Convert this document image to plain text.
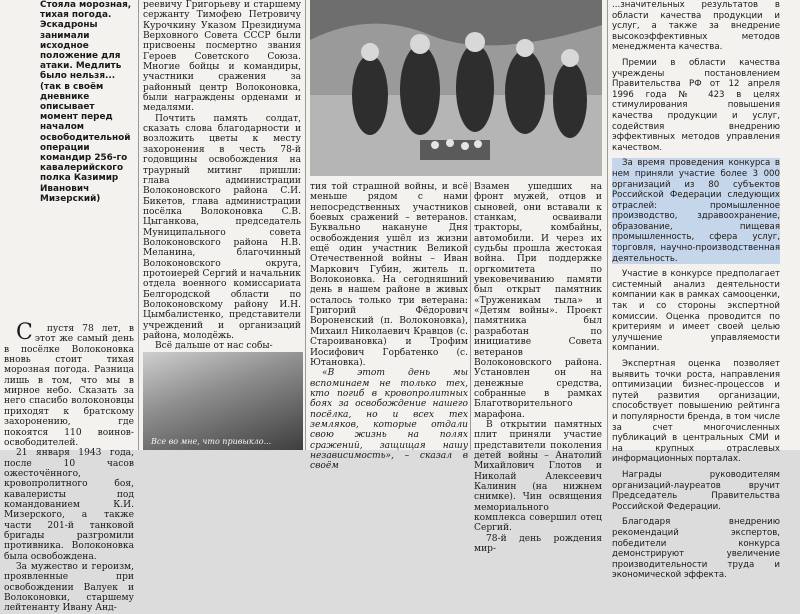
Стояла морозная, тихая погода. Эскадроны занимали исходное положение для атаки. Медлить было нельзя... (так в своём дневнике описывает момент перед началом освободительной операции командир 256-го кавалерийского полка Казимир Иванович Мизерский)

Спустя 78 лет, в этот же самый день в посёлке Волоконовка вновь стоит тихая морозная погода. Разница лишь в том, что мы в мирное небо. Сказать за него спасибо волоконовцы приходят к братскому захоронению, где покоятся 110 воинов-освободителей.

21 января 1943 года, после 10 часов ожесточённого, кровопролитного боя, кавалеристы под командованием К.И. Мизерского, а также части 201-й танковой бригады разгромили противника. Волоконовка была освобождена.

За мужество и героизм, проявленные при освобождении Валуек и Волоконовки, старшему лейтенанту Ивану Анд-

реевичу Григорьеву и старшему сержанту Тимофею Петровичу Курочкину Указом Президиума Верховного Совета СССР были присвоены посмертно звания Героев Советского Союза. Многие бойцы и командиры, участники сражения за районный центр Волоконовка, были награждены орденами и медалями.

Почтить память солдат, сказать слова благодарности и возложить цветы к месту захоронения в честь 78-й годовщины освобождения на траурный митинг пришли: глава администрации Волоконовского района С.И. Бикетов, глава администрации посёлка Волоконовка С.В. Цыганкова, председатель Муниципального совета Волоконовского района Н.В. Меланина, благочинный Волоконовского округа, протоиерей Сергий и начальник отдела военного комиссариата Белгородской области по Волоконовскому району И.Н. Цымбалистенко, представители учреждений и организаций района, молодёжь.

Всё дальше от нас собы-

Все во мне, что привыкло...

тия той страшной войны, и всё меньше рядом с нами непосредственных участников боевых сражений – ветеранов. Буквально накануне Дня освобождения ушёл из жизни ещё один участник Великой Отечественной войны – Иван Маркович Губин, житель п. Волоконовка. На сегодняшний день в нашем районе в живых осталось только три ветерана: Григорий Фёдорович Вороненский (п. Волоконовка), Михаил Николаевич Кравцов (с. Староивановка) и Трофим Иосифович Горбатенко (с. Ютановка).

«В этот день мы вспоминаем не только тех, кто погиб в кровопролитных боях за освобождение нашего посёлка, но и всех тех земляков, которые отдали свою жизнь на полях сражений, защищая нашу независимость», – сказал в своём

Взамен ушедших на фронт мужей, отцов и сыновей, они вставали к станкам, осваивали тракторы, комбайны, автомобили. И через их судьбы прошла жестокая война. При поддержке оргкомитета по увековечиванию памяти был открыт памятник «Труженикам тыла» и «Детям войны». Проект памятника был разработан по инициативе Совета ветеранов Волоконовского района. Установлен он на денежные средства, собранные в рамках Благотворительного марафона.

В открытии памятных плит приняли участие представители поколения детей войны – Анатолий Михайлович Глотов и Николай Алексеевич Калинин (на нижнем снимке). Чин освящения мемориального комплекса совершил отец Сергий.

78-й день рождения мир-

...значительных результатов в области качества продукции и услуг, а также за внедрение высокоэффективных методов менеджмента качества.

Премии в области качества учреждены постановлением Правительства РФ от 12 апреля 1996 года № 423 в целях стимулирования повышения качества продукции и услуг, содействия внедрению эффективных методов управления качеством.

За время проведения конкурса в нем приняли участие более 3 000 организаций из 80 субъектов Российской Федерации следующих отраслей: промышленное производство, здравоохранение, образование, пищевая промышленность, сфера услуг, торговля, научно-производственная деятельность.

Участие в конкурсе предполагает системный анализ деятельности компании как в рамках самооценки, так и со стороны экспертной комиссии. Оценка проводится по критериям и имеет своей целью улучшение управляемости компании.

Экспертная оценка позволяет выявить точки роста, направления оптимизации бизнес-процессов и путей развития организации, способствует повышению рейтинга и популярности бренда, в том числе за счет многочисленных публикаций в центральных СМИ и на крупных отраслевых информационных порталах.

Награды руководителям организаций-лауреатов вручит Председатель Правительства Российской Федерации.

Благодаря внедрению рекомендаций экспертов, победители конкурса демонстрируют увеличение производительности труда и экономической эффекта.
